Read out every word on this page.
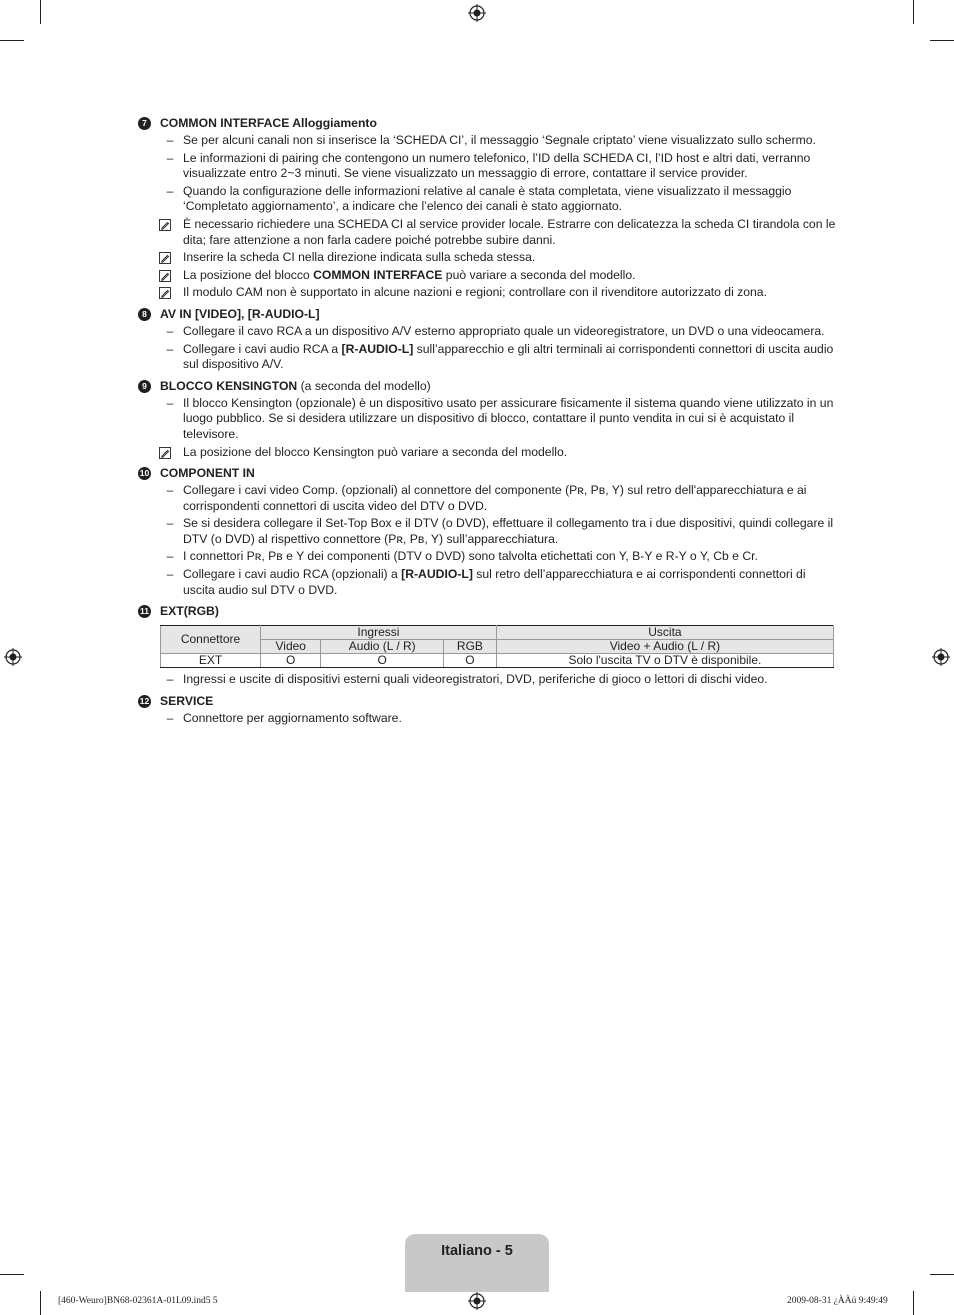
7	COMMON INTERFACE Alloggiamento
– Se per alcuni canali non si inserisce la ‘SCHEDA CI’, il messaggio ‘Segnale criptato’ viene visualizzato sullo schermo.
– Le informazioni di pairing che contengono un numero telefonico, l’ID della SCHEDA CI, l’ID host e altri dati, verranno visualizzate entro 2~3 minuti. Se viene visualizzato un messaggio di errore, contattare il service provider.
– Quando la configurazione delle informazioni relative al canale è stata completata, viene visualizzato il messaggio ‘Completato aggiornamento’, a indicare che l’elenco dei canali è stato aggiornato.
È necessario richiedere una SCHEDA CI al service provider locale. Estrarre con delicatezza la scheda CI tirandola con le dita; fare attenzione a non farla cadere poiché potrebbe subire danni.
Inserire la scheda CI nella direzione indicata sulla scheda stessa.
La posizione del blocco COMMON INTERFACE può variare a seconda del modello.
Il modulo CAM non è supportato in alcune nazioni e regioni; controllare con il rivenditore autorizzato di zona.
8	AV IN [VIDEO], [R-AUDIO-L]
– Collegare il cavo RCA a un dispositivo A/V esterno appropriato quale un videoregistratore, un DVD o una videocamera.
– Collegare i cavi audio RCA a [R-AUDIO-L] sull’apparecchio e gli altri terminali ai corrispondenti connettori di uscita audio sul dispositivo A/V.
9	BLOCCO KENSINGTON (a seconda del modello)
– Il blocco Kensington (opzionale) è un dispositivo usato per assicurare fisicamente il sistema quando viene utilizzato in un luogo pubblico. Se si desidera utilizzare un dispositivo di blocco, contattare il punto vendita in cui si è acquistato il televisore.
La posizione del blocco Kensington può variare a seconda del modello.
10 COMPONENT IN
– Collegare i cavi video Comp. (opzionali) al connettore del componente (Pʀ, Pʙ, Y) sul retro dell'apparecchiatura e ai corrispondenti connettori di uscita video del DTV o DVD.
– Se si desidera collegare il Set-Top Box e il DTV (o DVD), effettuare il collegamento tra i due dispositivi, quindi collegare il DTV (o DVD) al rispettivo connettore (Pʀ, Pʙ, Y) sull’apparecchiatura.
– I connettori Pʀ, Pʙ e Y dei componenti (DTV o DVD) sono talvolta etichettati con Y, B-Y e R-Y o Y, Cb e Cr.
– Collegare i cavi audio RCA (opzionali) a [R-AUDIO-L] sul retro dell’apparecchiatura e ai corrispondenti connettori di uscita audio sul DTV o DVD.
11 EXT(RGB)
Connettore	Ingressi			Uscita
	Video	Audio (L / R)	RGB	Video + Audio (L / R)
EXT	O	O	O	Solo l'uscita TV o DTV è disponibile.
– Ingressi e uscite di dispositivi esterni quali videoregistratori, DVD, periferiche di gioco o lettori di dischi video.
12 SERVICE
– Connettore per aggiornamento software.
Italiano - 5
[460-Weuro]BN68-02361A-01L09.ind5 5	2009-08-31 ¿ÀÀü 9:49:49
